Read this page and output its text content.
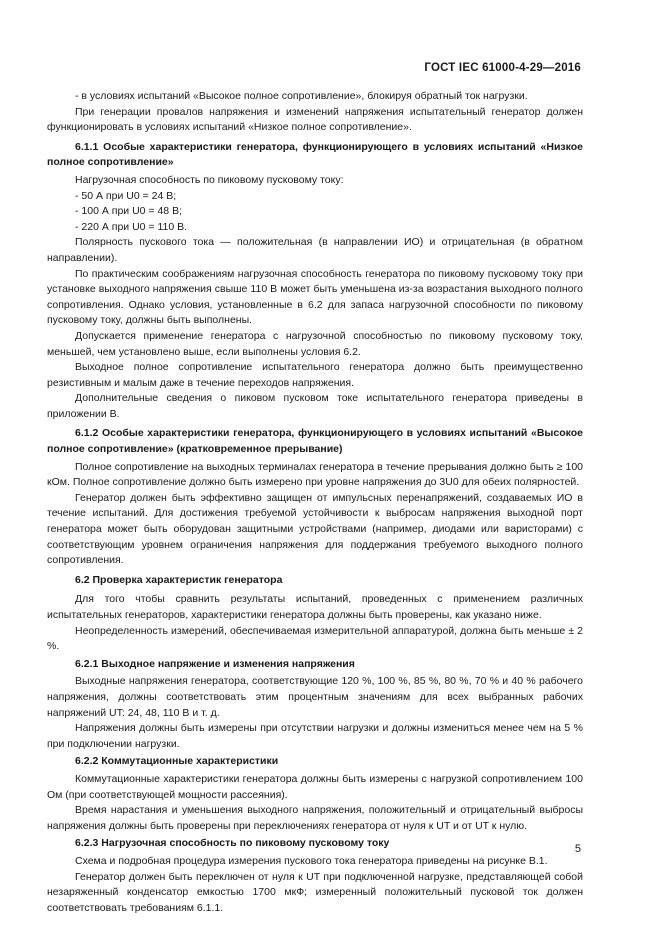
ГОСТ IEC 61000-4-29—2016

- в условиях испытаний «Высокое полное сопротивление», блокируя обратный ток нагрузки.

При генерации провалов напряжения и изменений напряжения испытательный генератор должен функционировать в условиях испытаний «Низкое полное сопротивление».

6.1.1 Особые характеристики генератора, функционирующего в условиях испытаний «Низкое полное сопротивление»

Нагрузочная способность по пиковому пусковому току:

- 50 А при U0 = 24 В;

- 100 А при U0 = 48 В;

- 220 А при U0 = 110 В.

Полярность пускового тока — положительная (в направлении ИО) и отрицательная (в обратном направлении).

По практическим соображениям нагрузочная способность генератора по пиковому пусковому току при установке выходного напряжения свыше 110 В может быть уменьшена из-за возрастания выходного полного сопротивления. Однако условия, установленные в 6.2 для запаса нагрузочной способности по пиковому пусковому току, должны быть выполнены.

Допускается применение генератора с нагрузочной способностью по пиковому пусковому току, меньшей, чем установлено выше, если выполнены условия 6.2.

Выходное полное сопротивление испытательного генератора должно быть преимущественно резистивным и малым даже в течение переходов напряжения.

Дополнительные сведения о пиковом пусковом токе испытательного генератора приведены в приложении В.

6.1.2 Особые характеристики генератора, функционирующего в условиях испытаний «Высокое полное сопротивление» (кратковременное прерывание)

Полное сопротивление на выходных терминалах генератора в течение прерывания должно быть ≥ 100 кОм. Полное сопротивление должно быть измерено при уровне напряжения до 3U0 для обеих полярностей.

Генератор должен быть эффективно защищен от импульсных перенапряжений, создаваемых ИО в течение испытаний. Для достижения требуемой устойчивости к выбросам напряжения выходной порт генератора может быть оборудован защитными устройствами (например, диодами или варисторами) с соответствующим уровнем ограничения напряжения для поддержания требуемого выходного полного сопротивления.

6.2 Проверка характеристик генератора

Для того чтобы сравнить результаты испытаний, проведенных с применением различных испытательных генераторов, характеристики генератора должны быть проверены, как указано ниже.

Неопределенность измерений, обеспечиваемая измерительной аппаратурой, должна быть меньше ± 2 %.

6.2.1 Выходное напряжение и изменения напряжения

Выходные напряжения генератора, соответствующие 120 %, 100 %, 85 %, 80 %, 70 % и 40 % рабочего напряжения, должны соответствовать этим процентным значениям для всех выбранных рабочих напряжений UT: 24, 48, 110 В и т. д.

Напряжения должны быть измерены при отсутствии нагрузки и должны измениться менее чем на 5 % при подключении нагрузки.

6.2.2 Коммутационные характеристики

Коммутационные характеристики генератора должны быть измерены с нагрузкой сопротивлением 100 Ом (при соответствующей мощности рассеяния).

Время нарастания и уменьшения выходного напряжения, положительный и отрицательный выбросы напряжения должны быть проверены при переключениях генератора от нуля к UT и от UT к нулю.

6.2.3 Нагрузочная способность по пиковому пусковому току

Схема и подробная процедура измерения пускового тока генератора приведены на рисунке В.1.

Генератор должен быть переключен от нуля к UT при подключенной нагрузке, представляющей собой незаряженный конденсатор емкостью 1700 мкФ; измеренный положительный пусковой ток должен соответствовать требованиям 6.1.1.

5
